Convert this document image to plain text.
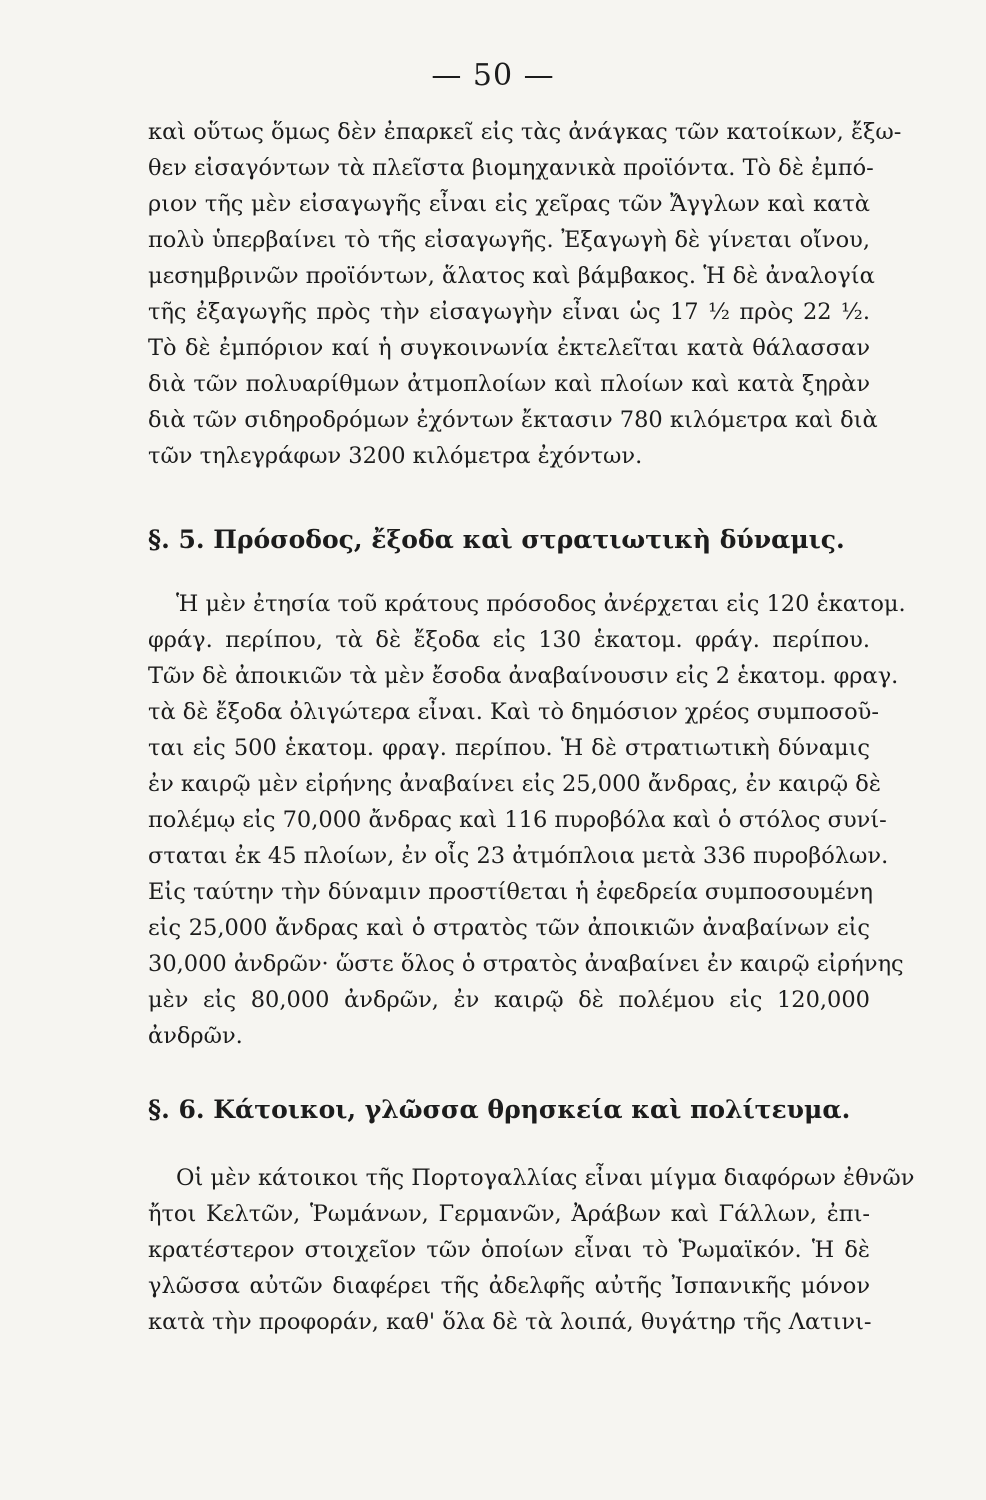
— 50 —
καὶ οὕτως ὅμως δὲν ἐπαρκεῖ εἰς τὰς ἀνάγκας τῶν κατοίκων, ἔξω-
θεν εἰσαγόντων τὰ πλεῖστα βιομηχανικὰ προϊόντα. Τὸ δὲ ἐμπό-
ριον τῆς μὲν εἰσαγωγῆς εἶναι εἰς χεῖρας τῶν Ἄγγλων καὶ κατὰ
πολὺ ὑπερβαίνει τὸ τῆς εἰσαγωγῆς. Ἐξαγωγὴ δὲ γίνεται οἴνου,
μεσημβρινῶν προϊόντων, ἅλατος καὶ βάμβακος. Ἡ δὲ ἀναλογία
τῆς ἐξαγωγῆς πρὸς τὴν εἰσαγωγὴν εἶναι ὡς 17 ½ πρὸς 22 ½.
Τὸ δὲ ἐμπόριον καί ἡ συγκοινωνία ἐκτελεῖται κατὰ θάλασσαν
διὰ τῶν πολυαρίθμων ἀτμοπλοίων καὶ πλοίων καὶ κατὰ ξηρὰν
διὰ τῶν σιδηροδρόμων ἐχόντων ἔκτασιν 780 κιλόμετρα καὶ διὰ
τῶν τηλεγράφων 3200 κιλόμετρα ἐχόντων.
§. 5. Πρόσοδος, ἔξοδα καὶ στρατιωτικὴ δύναμις.
Ἡ μὲν ἐτησία τοῦ κράτους πρόσοδος ἀνέρχεται εἰς 120 ἑκατομ.
φράγ. περίπου, τὰ δὲ ἔξοδα εἰς 130 ἑκατομ. φράγ. περίπου.
Τῶν δὲ ἀποικιῶν τὰ μὲν ἔσοδα ἀναβαίνουσιν εἰς 2 ἑκατομ. φραγ.
τὰ δὲ ἔξοδα ὀλιγώτερα εἶναι. Καὶ τὸ δημόσιον χρέος συμποσοῦ-
ται εἰς 500 ἑκατομ. φραγ. περίπου. Ἡ δὲ στρατιωτικὴ δύναμις
ἐν καιρῷ μὲν εἰρήνης ἀναβαίνει εἰς 25,000 ἄνδρας, ἐν καιρῷ δὲ
πολέμῳ εἰς 70,000 ἄνδρας καὶ 116 πυροβόλα καὶ ὁ στόλος συνί-
σταται ἐκ 45 πλοίων, ἐν οἷς 23 ἀτμόπλοια μετὰ 336 πυροβόλων.
Εἰς ταύτην τὴν δύναμιν προστίθεται ἡ ἐφεδρεία συμποσουμένη
εἰς 25,000 ἄνδρας καὶ ὁ στρατὸς τῶν ἀποικιῶν ἀναβαίνων εἰς
30,000 ἀνδρῶν· ὥστε ὅλος ὁ στρατὸς ἀναβαίνει ἐν καιρῷ εἰρήνης
μὲν εἰς 80,000 ἀνδρῶν, ἐν καιρῷ δὲ πολέμου εἰς 120,000
ἀνδρῶν.
§. 6. Κάτοικοι, γλῶσσα θρησκεία καὶ πολίτευμα.
Οἱ μὲν κάτοικοι τῆς Πορτογαλλίας εἶναι μίγμα διαφόρων ἐθνῶν
ἤτοι Κελτῶν, Ῥωμάνων, Γερμανῶν, Ἀράβων καὶ Γάλλων, ἐπι-
κρατέστερον στοιχεῖον τῶν ὁποίων εἶναι τὸ Ῥωμαϊκόν. Ἡ δὲ
γλῶσσα αὐτῶν διαφέρει τῆς ἀδελφῆς αὐτῆς Ἰσπανικῆς μόνον
κατὰ τὴν προφοράν, καθ' ὅλα δὲ τὰ λοιπά, θυγάτηρ τῆς Λατινι-
